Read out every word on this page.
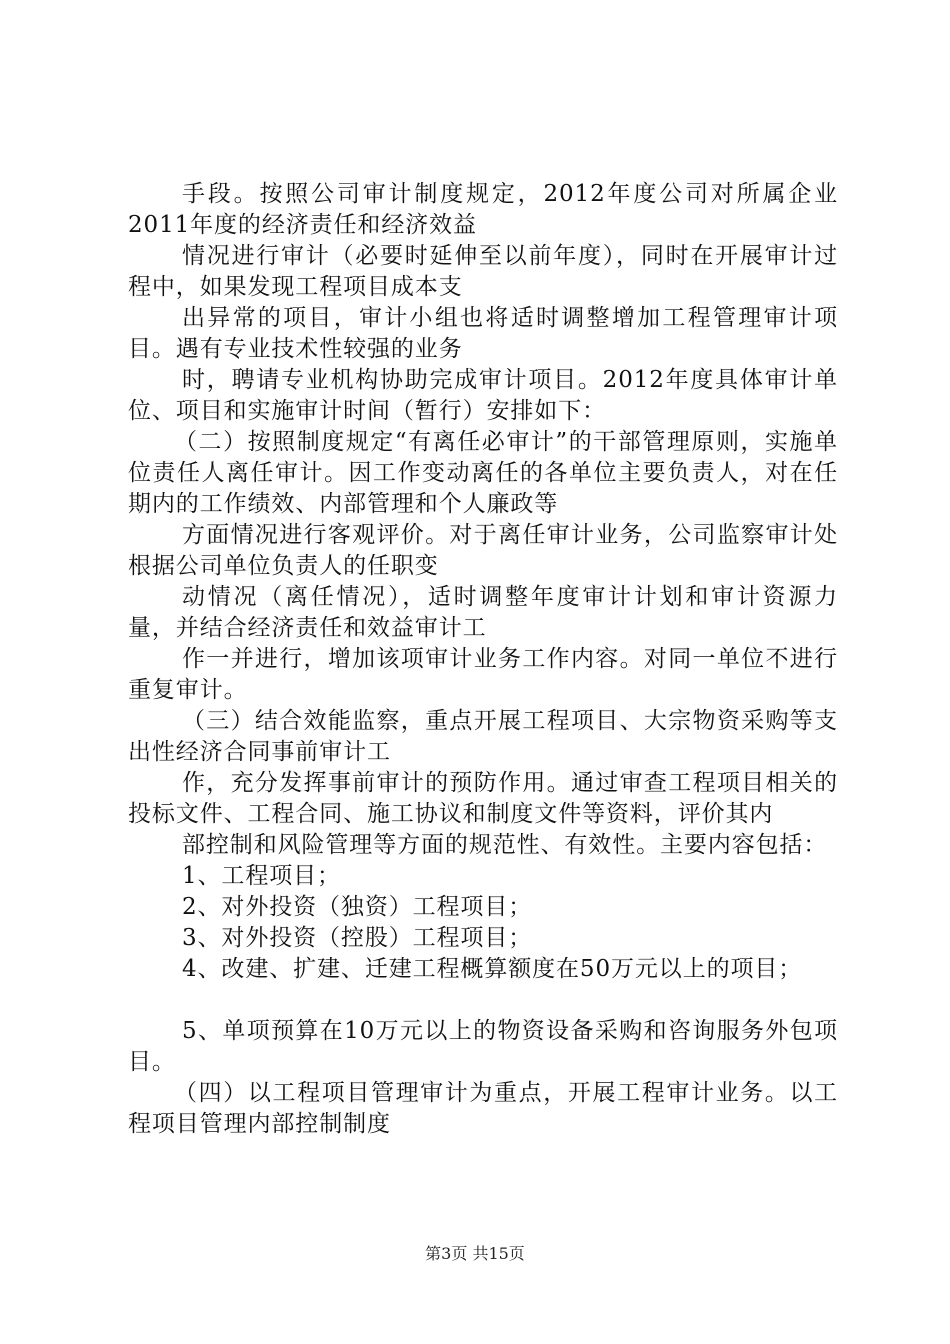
手段。按照公司审计制度规定，2012年度公司对所属企业2011年度的经济责任和经济效益

情况进行审计（必要时延伸至以前年度），同时在开展审计过程中，如果发现工程项目成本支

出异常的项目，审计小组也将适时调整增加工程管理审计项目。遇有专业技术性较强的业务

时，聘请专业机构协助完成审计项目。2012年度具体审计单位、项目和实施审计时间（暂行）安排如下：

（二）按照制度规定“有离任必审计”的干部管理原则，实施单位责任人离任审计。因工作变动离任的各单位主要负责人，对在任期内的工作绩效、内部管理和个人廉政等

方面情况进行客观评价。对于离任审计业务，公司监察审计处根据公司单位负责人的任职变

动情况（离任情况），适时调整年度审计计划和审计资源力量，并结合经济责任和效益审计工

作一并进行，增加该项审计业务工作内容。对同一单位不进行重复审计。

（三）结合效能监察，重点开展工程项目、大宗物资采购等支出性经济合同事前审计工

作，充分发挥事前审计的预防作用。通过审查工程项目相关的投标文件、工程合同、施工协议和制度文件等资料，评价其内

部控制和风险管理等方面的规范性、有效性。主要内容包括：

1、工程项目；

2、对外投资（独资）工程项目；

3、对外投资（控股）工程项目；

4、改建、扩建、迁建工程概算额度在50万元以上的项目；

5、单项预算在10万元以上的物资设备采购和咨询服务外包项目。

（四）以工程项目管理审计为重点，开展工程审计业务。以工程项目管理内部控制制度

第3页 共15页
